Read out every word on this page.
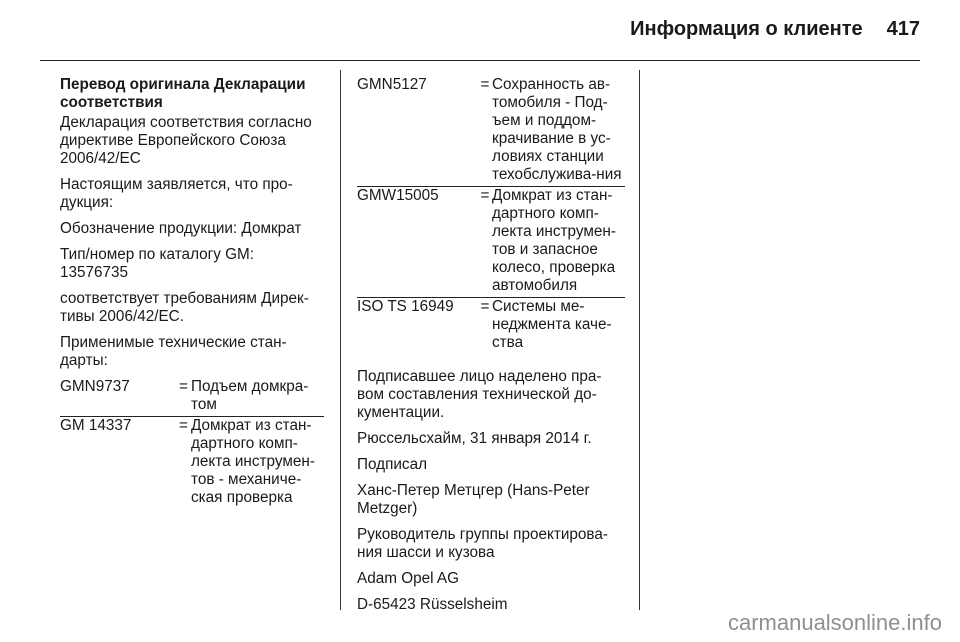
Информация о клиенте 417

Перевод оригинала Декларации соответствия

Декларация соответствия согласно директиве Европейского Союза 2006/42/EC

Настоящим заявляется, что про-дукция:

Обозначение продукции: Домкрат

Тип/номер по каталогу GM: 13576735

соответствует требованиям Дирек-тивы 2006/42/EC.

Применимые технические стан-дарты:

GMN9737	= Подъем домкра-том
GM 14337	= Домкрат из стан-дартного комп-лекта инструмен-тов - механиче-ская проверка
GMN5127	= Сохранность ав-томобиля - Под-ъем и поддом-крачивание в ус-ловиях станции техобслужива-ния
GMW15005	= Домкрат из стан-дартного комп-лекта инструмен-тов и запасное колесо, проверка автомобиля
ISO TS 16949	= Системы ме-неджмента каче-ства

Подписавшее лицо наделено пра-вом составления технической до-кументации.

Рюссельсхайм, 31 января 2014 г.

Подписал

Ханс-Петер Метцгер (Hans-Peter Metzger)

Руководитель группы проектирова-ния шасси и кузова

Adam Opel AG

D-65423 Rüsselsheim

carmanualsonline.info
